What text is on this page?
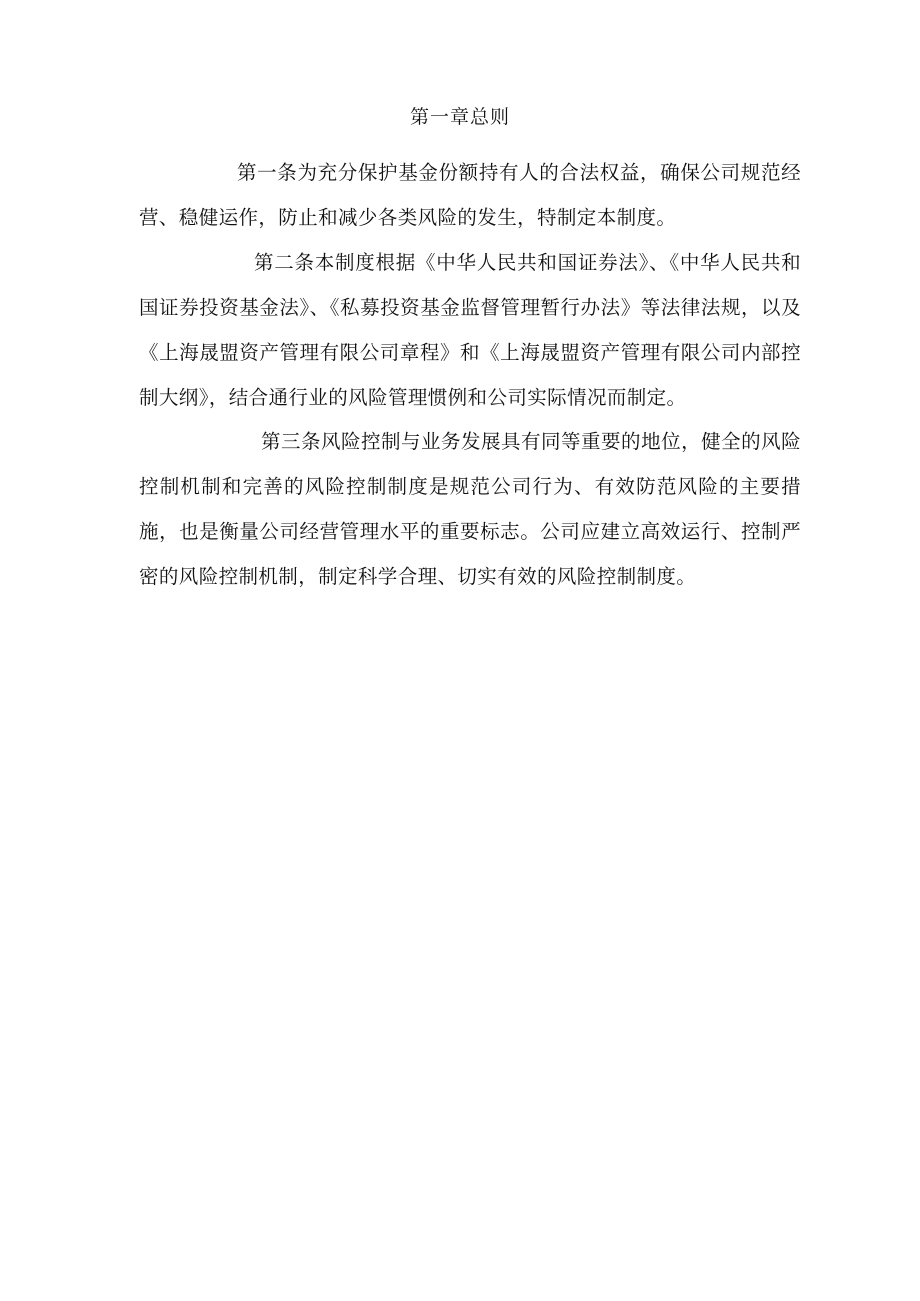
第一章总则

第一条为充分保护基金份额持有人的合法权益，确保公司规范经营、稳健运作，防止和减少各类风险的发生，特制定本制度。

第二条本制度根据《中华人民共和国证券法》、《中华人民共和国证券投资基金法》、《私募投资基金监督管理暂行办法》等法律法规，以及《上海晟盟资产管理有限公司章程》和《上海晟盟资产管理有限公司内部控制大纲》，结合通行业的风险管理惯例和公司实际情况而制定。

第三条风险控制与业务发展具有同等重要的地位，健全的风险控制机制和完善的风险控制制度是规范公司行为、有效防范风险的主要措施，也是衡量公司经营管理水平的重要标志。公司应建立高效运行、控制严密的风险控制机制，制定科学合理、切实有效的风险控制制度。
